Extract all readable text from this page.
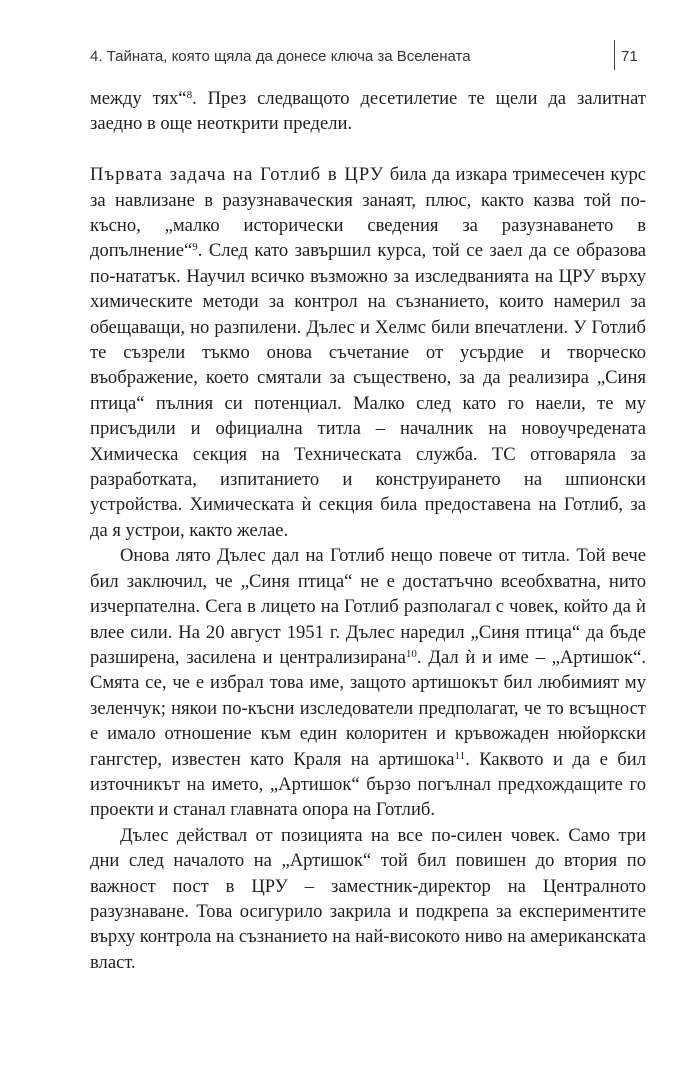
4. Тайната, която щяла да донесе ключа за Вселената	71

между тях“$^8$. През следващото десетилетие те щели да залитнат заедно в още неоткрити предели.

Първата задача на Готлиб в ЦРУ била да изкара тримесечен курс за навлизане в разузнавaческия занаят, плюс, както казва той по-късно, „малко исторически сведения за разузнаването в допълнение“$^9$. След като завършил курса, той се заел да се образова по-нататък. Научил всичко възможно за изследванията на ЦРУ върху химическите методи за контрол на съзнанието, които намерил за обещаващи, но разпилени. Дълес и Хелмс били впечатлени. У Готлиб те съзрели тъкмо онова съчетание от усърдие и творческо въображение, което смятали за съществено, за да реализира „Синя птица“ пълния си потенциал. Малко след като го наели, те му присъдили и официална титла – началник на новоучредената Химическа секция на Техническата служба. ТС отговаряла за разработката, изпитанието и конструирането на шпионски устройства. Химическата ѝ секция била предоставена на Готлиб, за да я устрои, както желае.

Онова лято Дълес дал на Готлиб нещо повече от титла. Той вече бил заключил, че „Синя птица“ не е достатъчно всеобхватна, нито изчерпателна. Сега в лицето на Готлиб разполагал с човек, който да ѝ влее сили. На 20 август 1951 г. Дълес наредил „Синя птица“ да бъде разширена, засилена и централизирана$^{10}$. Дал ѝ и име – „Артишок“. Смята се, че е избрал това име, защото артишокът бил любимият му зеленчук; някои по-късни изследователи предполагат, че то всъщност е имало отношение към един колоритен и кръвожаден нюйоркски гангстер, известен като Краля на артишока$^{11}$. Каквото и да е бил източникът на името, „Артишок“ бързо погълнал предхождащите го проекти и станал главната опора на Готлиб.

Дълес действал от позицията на все по-силен човек. Само три дни след началото на „Артишок“ той бил повишен до втория по важност пост в ЦРУ – заместник-директор на Централното разузнаване. Това осигурило закрила и подкрепа за експериментите върху контрола на съзнанието на най-високото ниво на американската власт.
